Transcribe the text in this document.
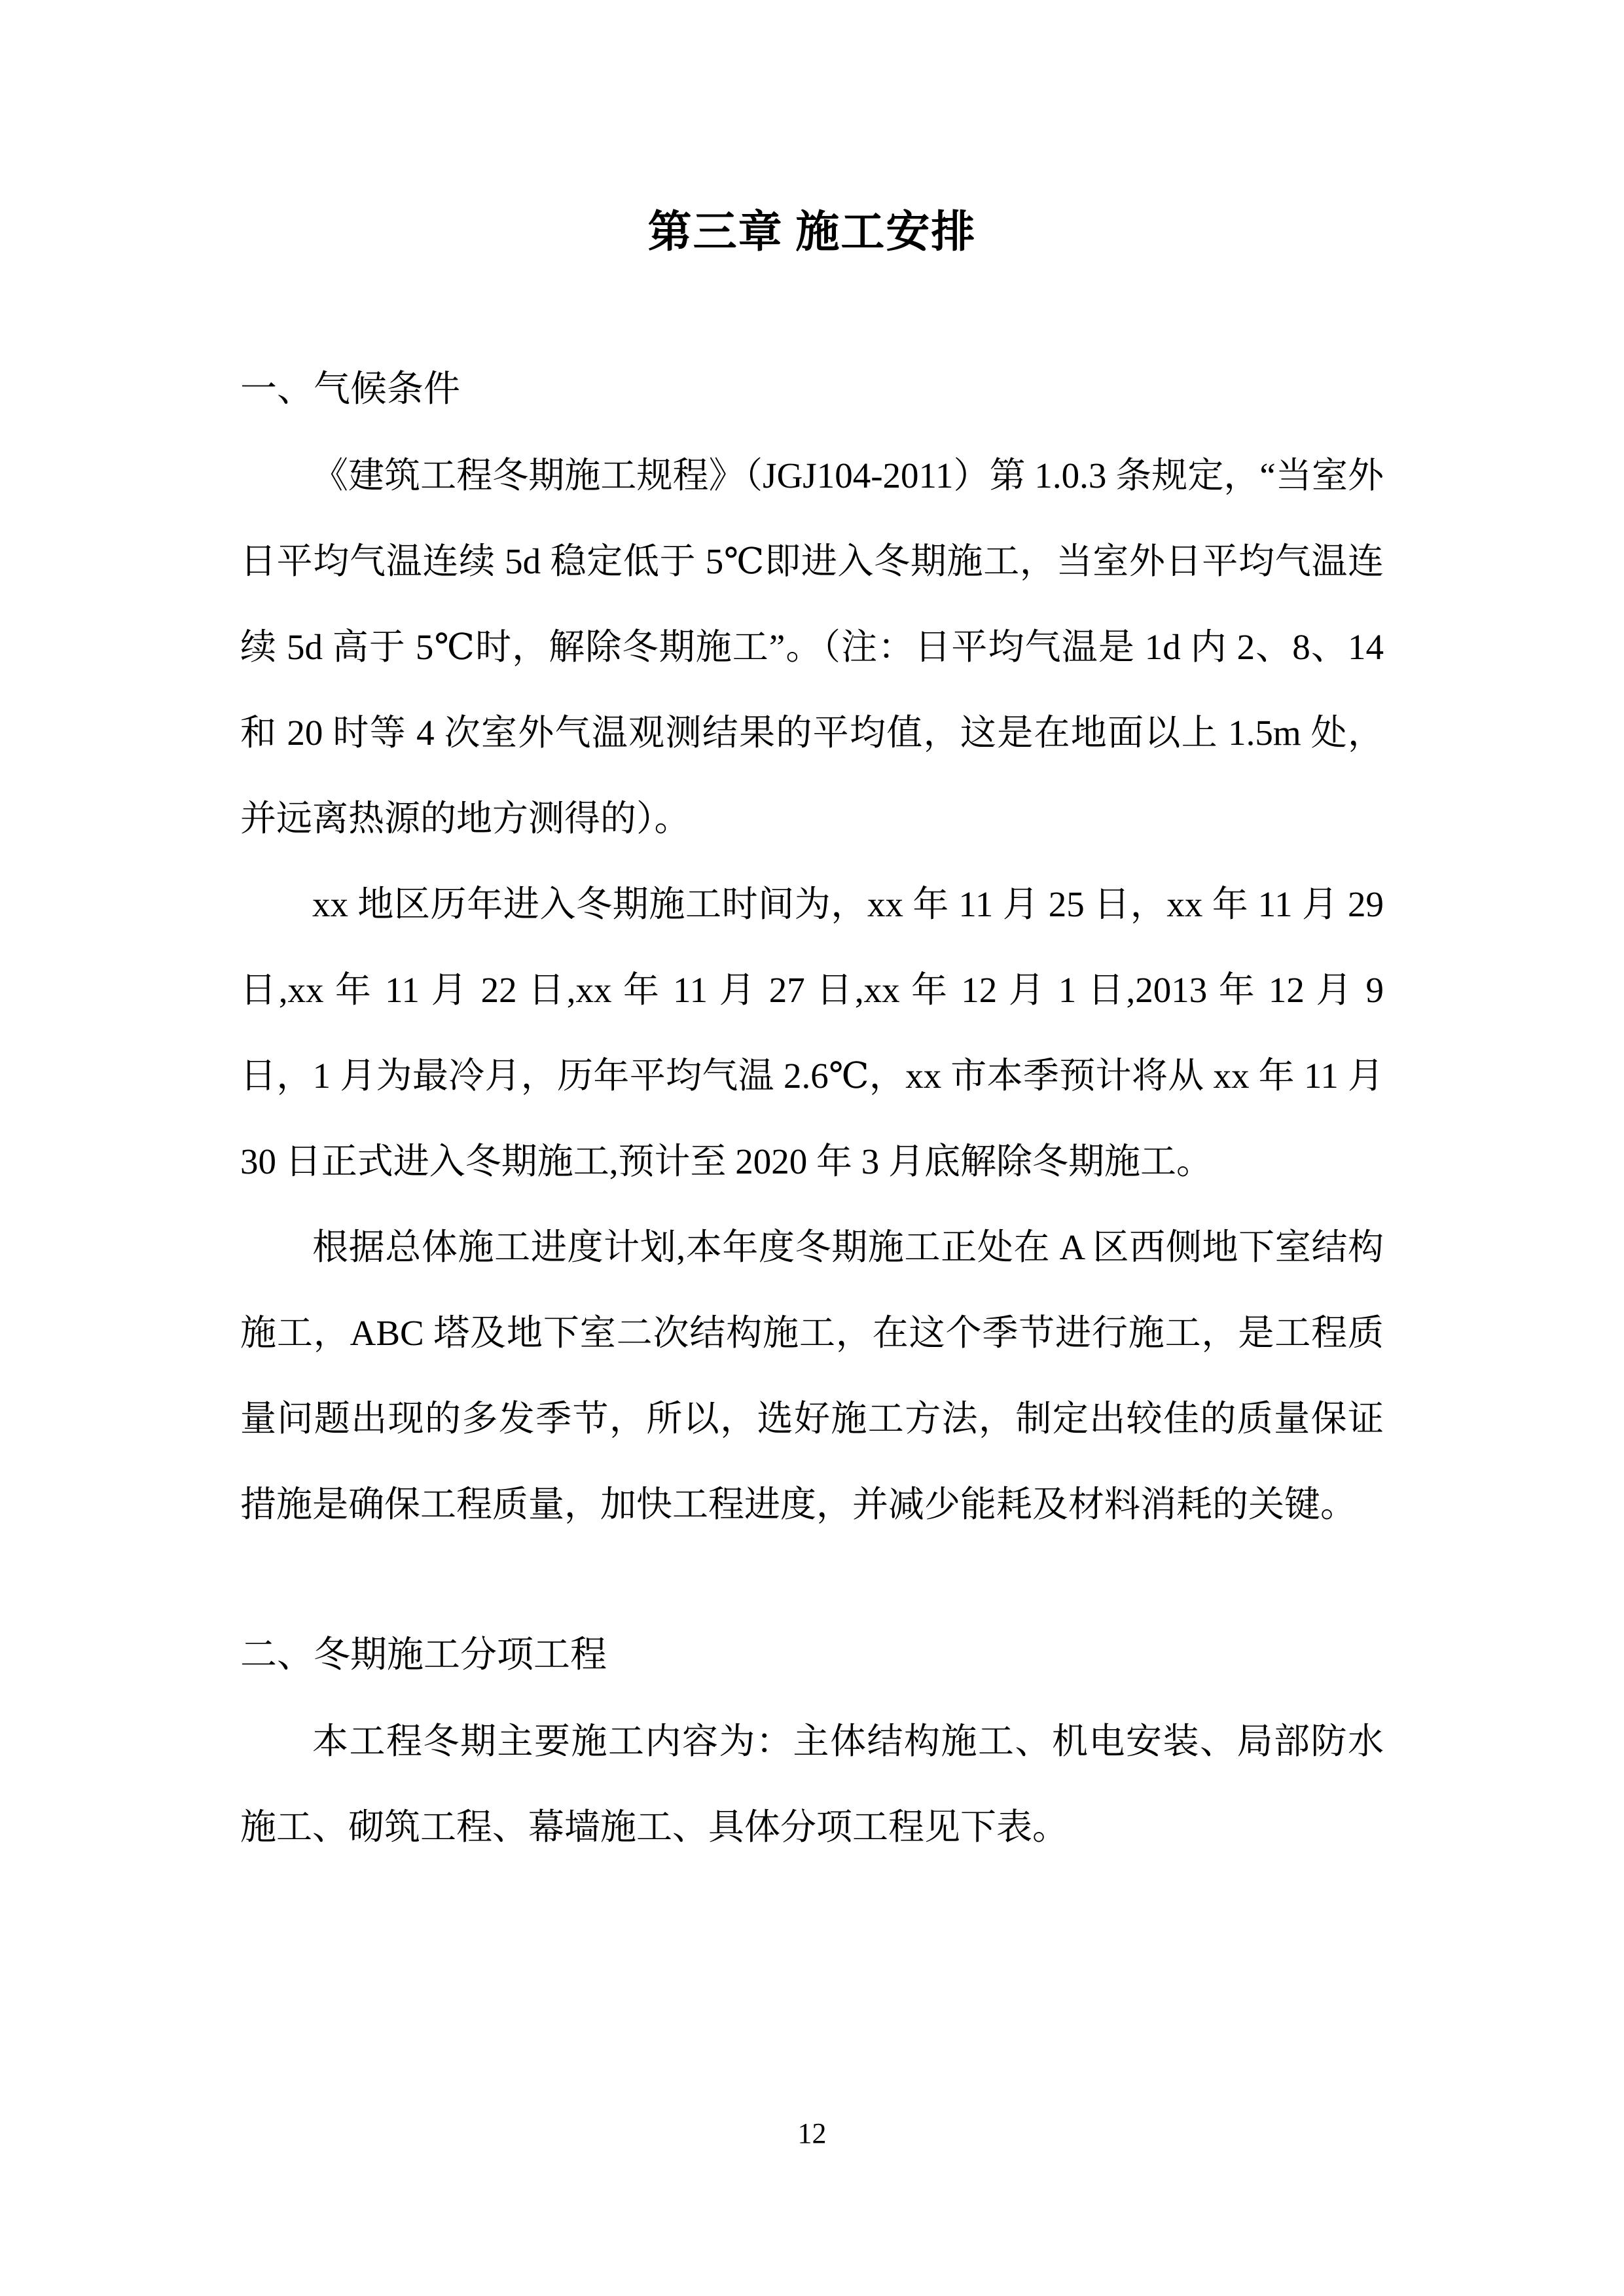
第三章 施工安排
一、气候条件

《建筑工程冬期施工规程》（JGJ104-2011）第 1.0.3 条规定，“当室外日平均气温连续 5d 稳定低于 5℃即进入冬期施工，当室外日平均气温连续 5d 高于 5℃时，解除冬期施工”。（注：日平均气温是 1d 内 2、8、14 和 20 时等 4 次室外气温观测结果的平均值，这是在地面以上 1.5m 处，并远离热源的地方测得的）。

xx 地区历年进入冬期施工时间为，xx 年 11 月 25 日，xx 年 11 月 29 日,xx 年 11 月 22 日,xx 年 11 月 27 日,xx 年 12 月 1 日,2013 年 12 月 9 日，1 月为最冷月，历年平均气温 2.6℃，xx 市本季预计将从 xx 年 11 月 30 日正式进入冬期施工,预计至 2020 年 3 月底解除冬期施工。

根据总体施工进度计划,本年度冬期施工正处在 A 区西侧地下室结构施工，ABC 塔及地下室二次结构施工，在这个季节进行施工，是工程质量问题出现的多发季节，所以，选好施工方法，制定出较佳的质量保证措施是确保工程质量，加快工程进度，并减少能耗及材料消耗的关键。

二、冬期施工分项工程

本工程冬期主要施工内容为：主体结构施工、机电安装、局部防水施工、砌筑工程、幕墙施工、具体分项工程见下表。

12
